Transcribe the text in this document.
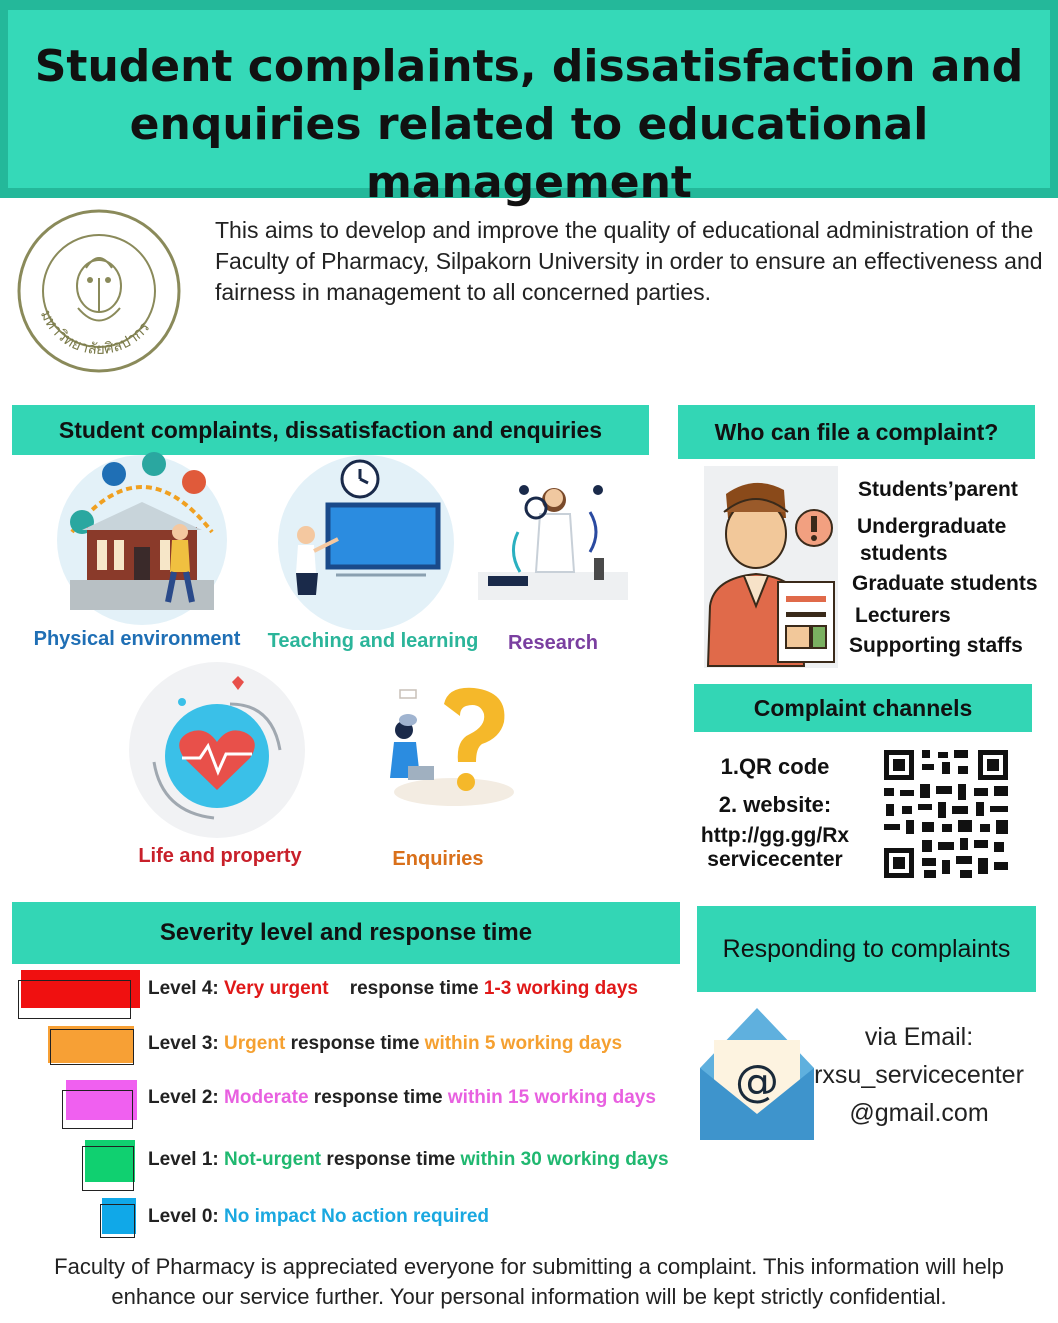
Student complaints, dissatisfaction and
enquiries related to educational management
มหาวิทยาลัยศิลปากร
This aims to develop and improve the quality of educational administration of the Faculty of Pharmacy, Silpakorn University in order to ensure an effectiveness and fairness in management to all concerned parties.
Student complaints, dissatisfaction and enquiries
Physical environment	Teaching and learning	Research
Life and property	Enquiries
Who can file a complaint?
Students’parent
Undergraduate
students
Graduate students
Lecturers
Supporting staffs
Complaint channels
1.QR code
2. website:
http://gg.gg/Rx
servicecenter
Severity level and response time
Level 4: Very urgent response time 1-3 working days
Level 3: Urgent response time within 5 working days
Level 2: Moderate response time within 15 working days
Level 1: Not-urgent response time within 30 working days
Level 0: No impact No action required
Responding to complaints
@
via Email:
rxsu_servicecenter
@gmail.com
Faculty of Pharmacy is appreciated everyone for submitting a complaint. This information will help enhance our service further. Your personal information will be kept strictly confidential.
